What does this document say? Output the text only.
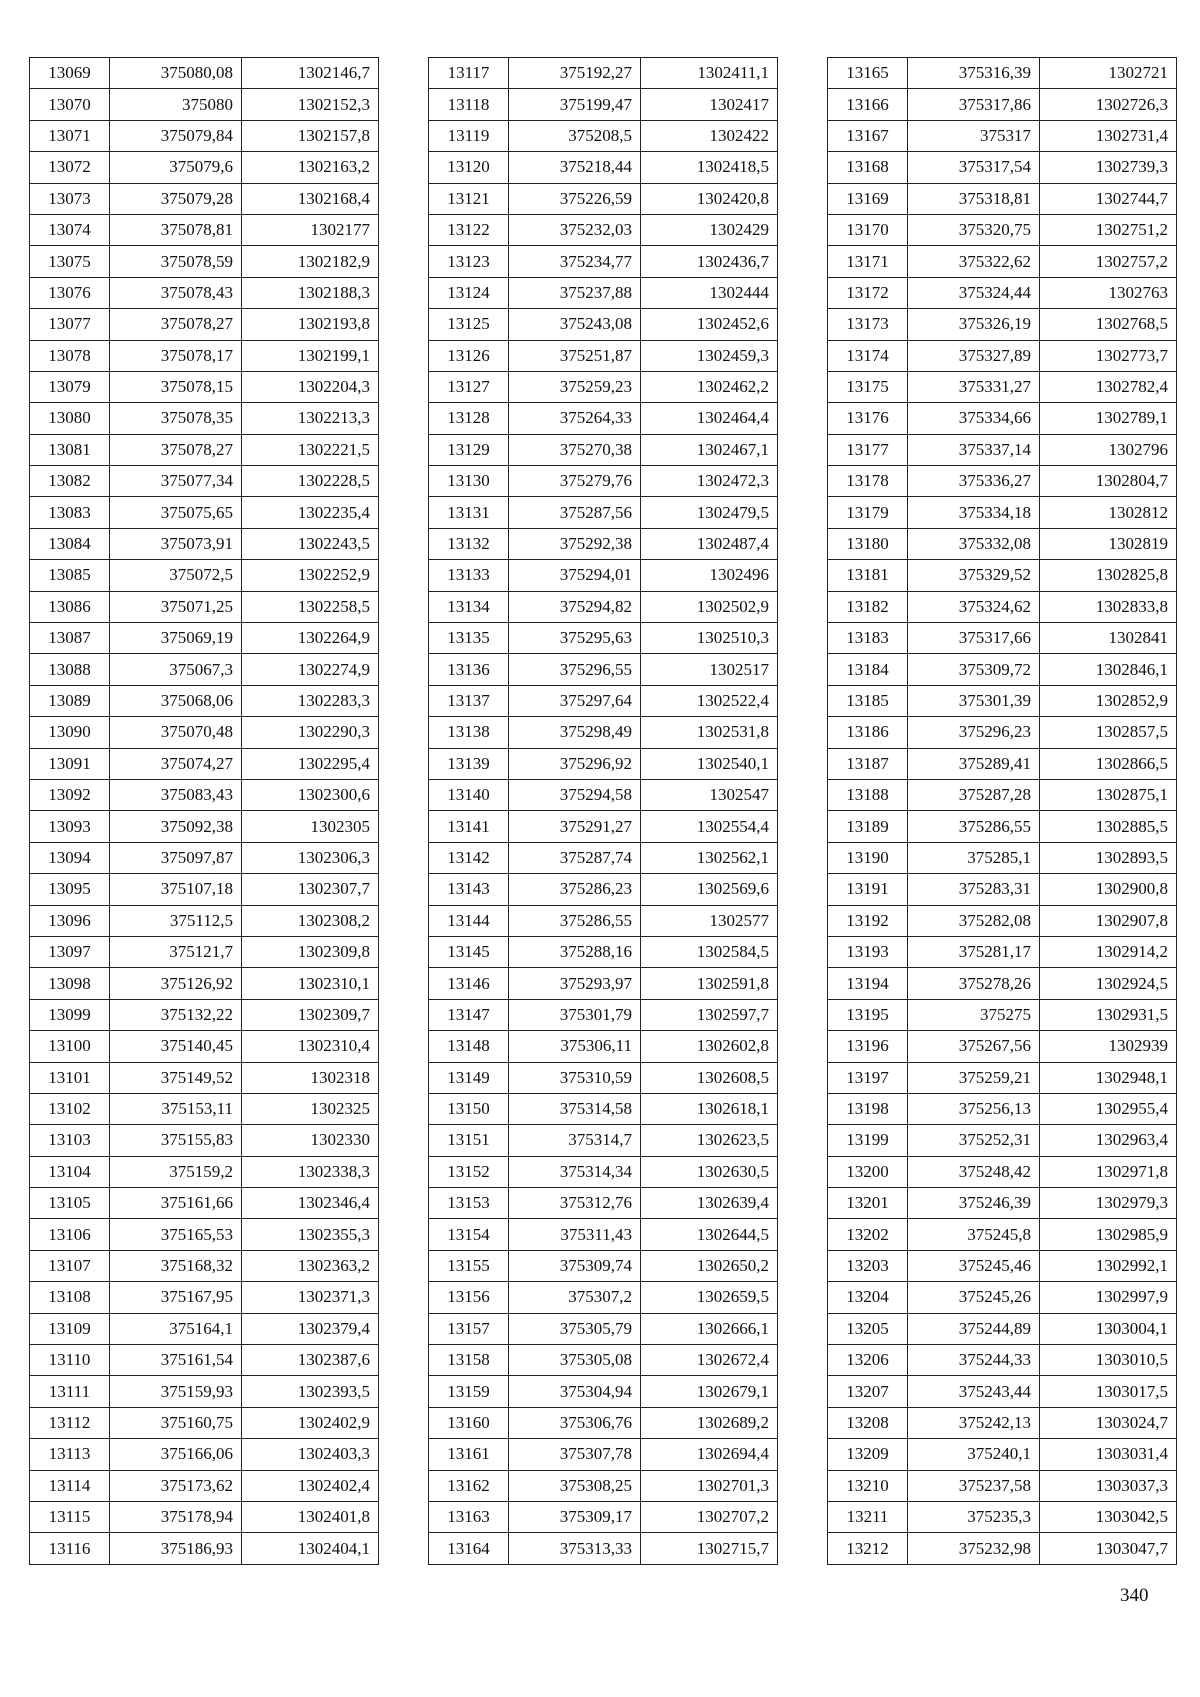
13069	375080,08	1302146,7
13070	375080	1302152,3
13071	375079,84	1302157,8
13072	375079,6	1302163,2
13073	375079,28	1302168,4
13074	375078,81	1302177
13075	375078,59	1302182,9
13076	375078,43	1302188,3
13077	375078,27	1302193,8
13078	375078,17	1302199,1
13079	375078,15	1302204,3
13080	375078,35	1302213,3
13081	375078,27	1302221,5
13082	375077,34	1302228,5
13083	375075,65	1302235,4
13084	375073,91	1302243,5
13085	375072,5	1302252,9
13086	375071,25	1302258,5
13087	375069,19	1302264,9
13088	375067,3	1302274,9
13089	375068,06	1302283,3
13090	375070,48	1302290,3
13091	375074,27	1302295,4
13092	375083,43	1302300,6
13093	375092,38	1302305
13094	375097,87	1302306,3
13095	375107,18	1302307,7
13096	375112,5	1302308,2
13097	375121,7	1302309,8
13098	375126,92	1302310,1
13099	375132,22	1302309,7
13100	375140,45	1302310,4
13101	375149,52	1302318
13102	375153,11	1302325
13103	375155,83	1302330
13104	375159,2	1302338,3
13105	375161,66	1302346,4
13106	375165,53	1302355,3
13107	375168,32	1302363,2
13108	375167,95	1302371,3
13109	375164,1	1302379,4
13110	375161,54	1302387,6
13111	375159,93	1302393,5
13112	375160,75	1302402,9
13113	375166,06	1302403,3
13114	375173,62	1302402,4
13115	375178,94	1302401,8
13116	375186,93	1302404,1
13117	375192,27	1302411,1
13118	375199,47	1302417
13119	375208,5	1302422
13120	375218,44	1302418,5
13121	375226,59	1302420,8
13122	375232,03	1302429
13123	375234,77	1302436,7
13124	375237,88	1302444
13125	375243,08	1302452,6
13126	375251,87	1302459,3
13127	375259,23	1302462,2
13128	375264,33	1302464,4
13129	375270,38	1302467,1
13130	375279,76	1302472,3
13131	375287,56	1302479,5
13132	375292,38	1302487,4
13133	375294,01	1302496
13134	375294,82	1302502,9
13135	375295,63	1302510,3
13136	375296,55	1302517
13137	375297,64	1302522,4
13138	375298,49	1302531,8
13139	375296,92	1302540,1
13140	375294,58	1302547
13141	375291,27	1302554,4
13142	375287,74	1302562,1
13143	375286,23	1302569,6
13144	375286,55	1302577
13145	375288,16	1302584,5
13146	375293,97	1302591,8
13147	375301,79	1302597,7
13148	375306,11	1302602,8
13149	375310,59	1302608,5
13150	375314,58	1302618,1
13151	375314,7	1302623,5
13152	375314,34	1302630,5
13153	375312,76	1302639,4
13154	375311,43	1302644,5
13155	375309,74	1302650,2
13156	375307,2	1302659,5
13157	375305,79	1302666,1
13158	375305,08	1302672,4
13159	375304,94	1302679,1
13160	375306,76	1302689,2
13161	375307,78	1302694,4
13162	375308,25	1302701,3
13163	375309,17	1302707,2
13164	375313,33	1302715,7
13165	375316,39	1302721
13166	375317,86	1302726,3
13167	375317	1302731,4
13168	375317,54	1302739,3
13169	375318,81	1302744,7
13170	375320,75	1302751,2
13171	375322,62	1302757,2
13172	375324,44	1302763
13173	375326,19	1302768,5
13174	375327,89	1302773,7
13175	375331,27	1302782,4
13176	375334,66	1302789,1
13177	375337,14	1302796
13178	375336,27	1302804,7
13179	375334,18	1302812
13180	375332,08	1302819
13181	375329,52	1302825,8
13182	375324,62	1302833,8
13183	375317,66	1302841
13184	375309,72	1302846,1
13185	375301,39	1302852,9
13186	375296,23	1302857,5
13187	375289,41	1302866,5
13188	375287,28	1302875,1
13189	375286,55	1302885,5
13190	375285,1	1302893,5
13191	375283,31	1302900,8
13192	375282,08	1302907,8
13193	375281,17	1302914,2
13194	375278,26	1302924,5
13195	375275	1302931,5
13196	375267,56	1302939
13197	375259,21	1302948,1
13198	375256,13	1302955,4
13199	375252,31	1302963,4
13200	375248,42	1302971,8
13201	375246,39	1302979,3
13202	375245,8	1302985,9
13203	375245,46	1302992,1
13204	375245,26	1302997,9
13205	375244,89	1303004,1
13206	375244,33	1303010,5
13207	375243,44	1303017,5
13208	375242,13	1303024,7
13209	375240,1	1303031,4
13210	375237,58	1303037,3
13211	375235,3	1303042,5
13212	375232,98	1303047,7
340
